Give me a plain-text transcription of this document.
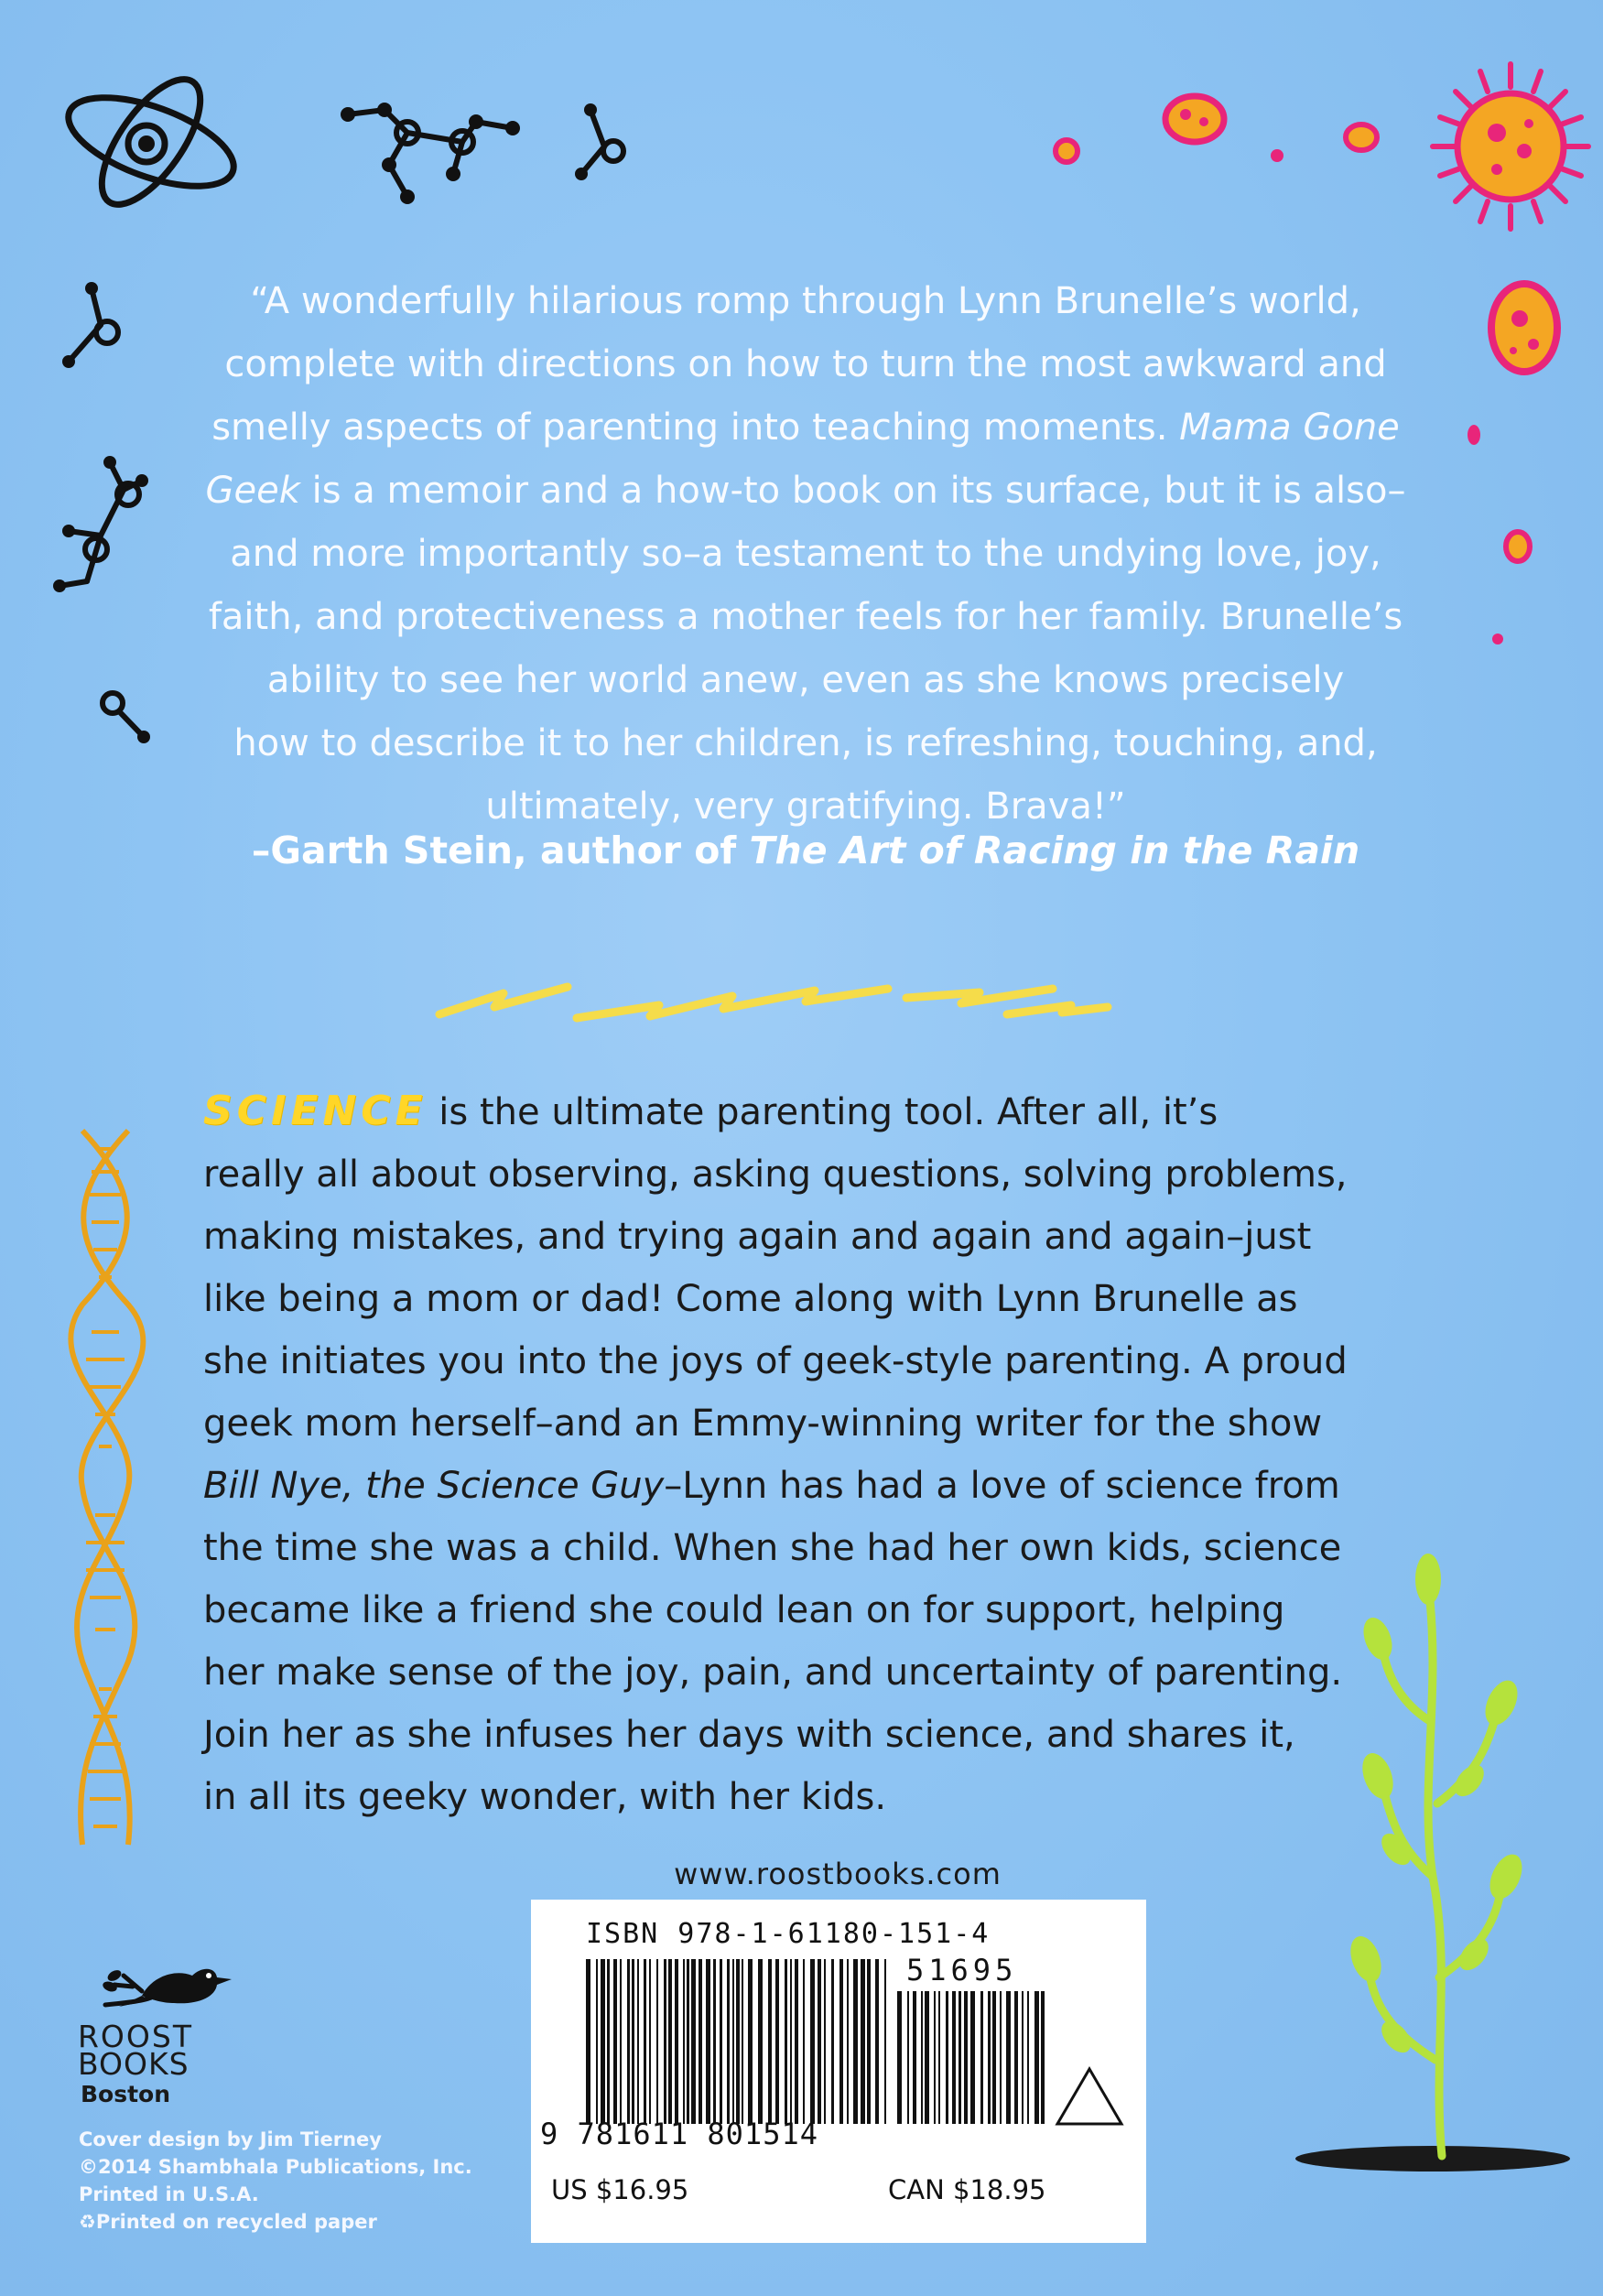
“A wonderfully hilarious romp through Lynn Brunelle’s world,
complete with directions on how to turn the most awkward and
smelly aspects of parenting into teaching moments. Mama Gone
Geek is a memoir and a how-to book on its surface, but it is also–
and more importantly so–a testament to the undying love, joy,
faith, and protectiveness a mother feels for her family. Brunelle’s
ability to see her world anew, even as she knows precisely
how to describe it to her children, is refreshing, touching, and,
ultimately, very gratifying. Brava!”
–Garth Stein, author of The Art of Racing in the Rain
SCIENCE is the ultimate parenting tool. After all, it’s
really all about observing, asking questions, solving problems,
making mistakes, and trying again and again and again–just
like being a mom or dad! Come along with Lynn Brunelle as
she initiates you into the joys of geek-style parenting. A proud
geek mom herself–and an Emmy-winning writer for the show
Bill Nye, the Science Guy–Lynn has had a love of science from
the time she was a child. When she had her own kids, science
became like a friend she could lean on for support, helping
her make sense of the joy, pain, and uncertainty of parenting.
Join her as she infuses her days with science, and shares it,
in all its geeky wonder, with her kids.
www.roostbooks.com
ISBN 978-1-61180-151-4
51695
9 781611 801514
US $16.95	CAN $18.95
ROOST
BOOKS
Boston
Cover design by Jim Tierney
©2014 Shambhala Publications, Inc.
Printed in U.S.A.
♻Printed on recycled paper
